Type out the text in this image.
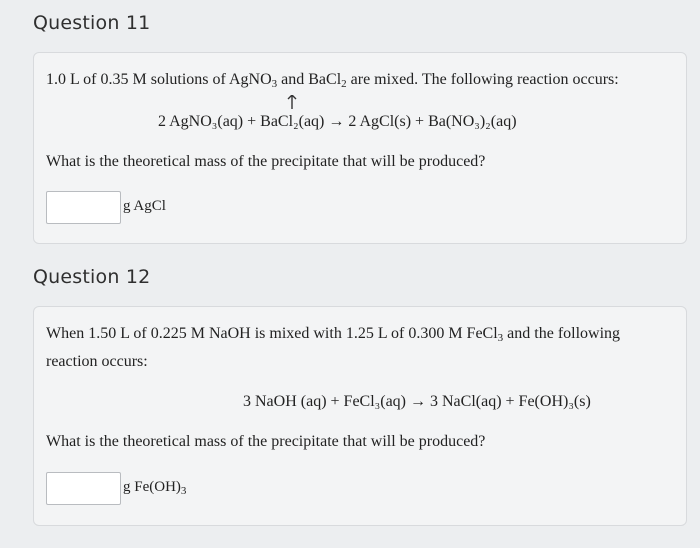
Question 11
1.0 L of 0.35 M solutions of AgNO$_3$ and BaCl$_2$ are mixed. The following reaction occurs:
2 AgNO₃(aq) + BaCl₂(aq) → 2 AgCl(s) + Ba(NO₃)₂(aq)
What is the theoretical mass of the precipitate that will be produced?
g AgCl
Question 12
When 1.50 L of 0.225 M NaOH is mixed with 1.25 L of 0.300 M FeCl$_3$ and the following
reaction occurs:
3 NaOH (aq) + FeCl₃(aq) → 3 NaCl(aq) + Fe(OH)₃(s)
What is the theoretical mass of the precipitate that will be produced?
g $Fe(OH)_3$
